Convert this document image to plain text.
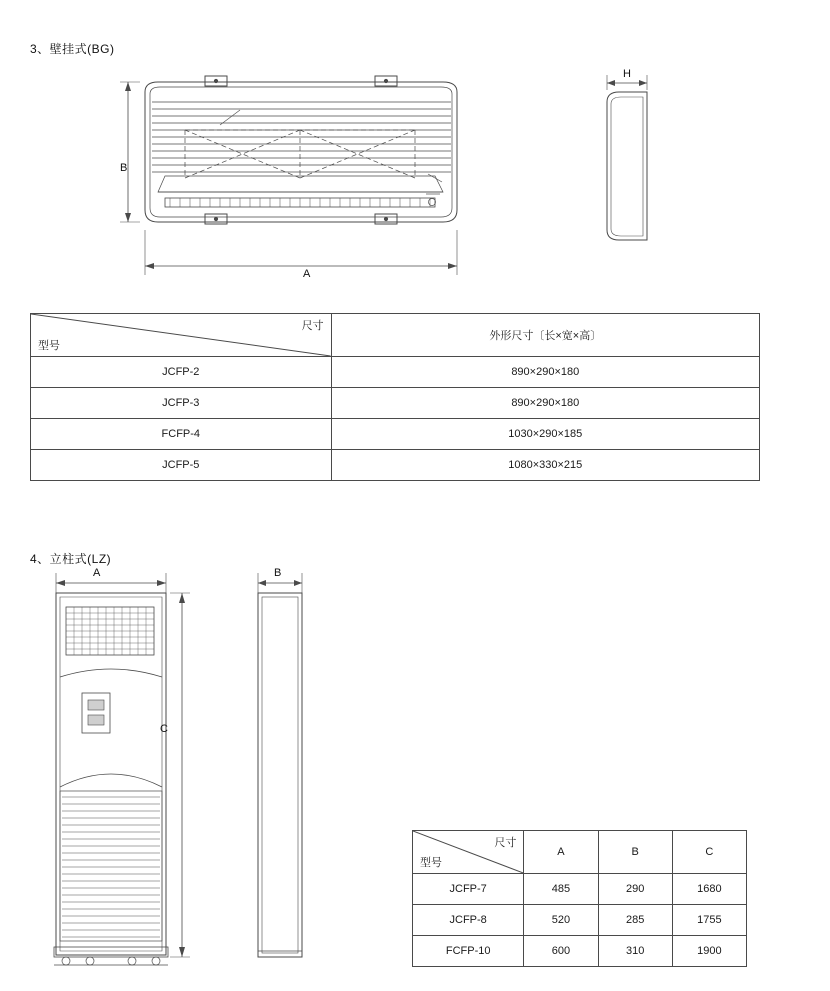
3、壁挂式(BG)
B
A
H
型号
尺寸	外形尺寸〔长×宽×高〕
JCFP-2	890×290×180
JCFP-3	890×290×180
FCFP-4	1030×290×185
JCFP-5	1080×330×215
4、立柱式(LZ)
A
C
B
型号
尺寸	A	B	C
JCFP-7	485	290	1680
JCFP-8	520	285	1755
FCFP-10	600	310	1900
